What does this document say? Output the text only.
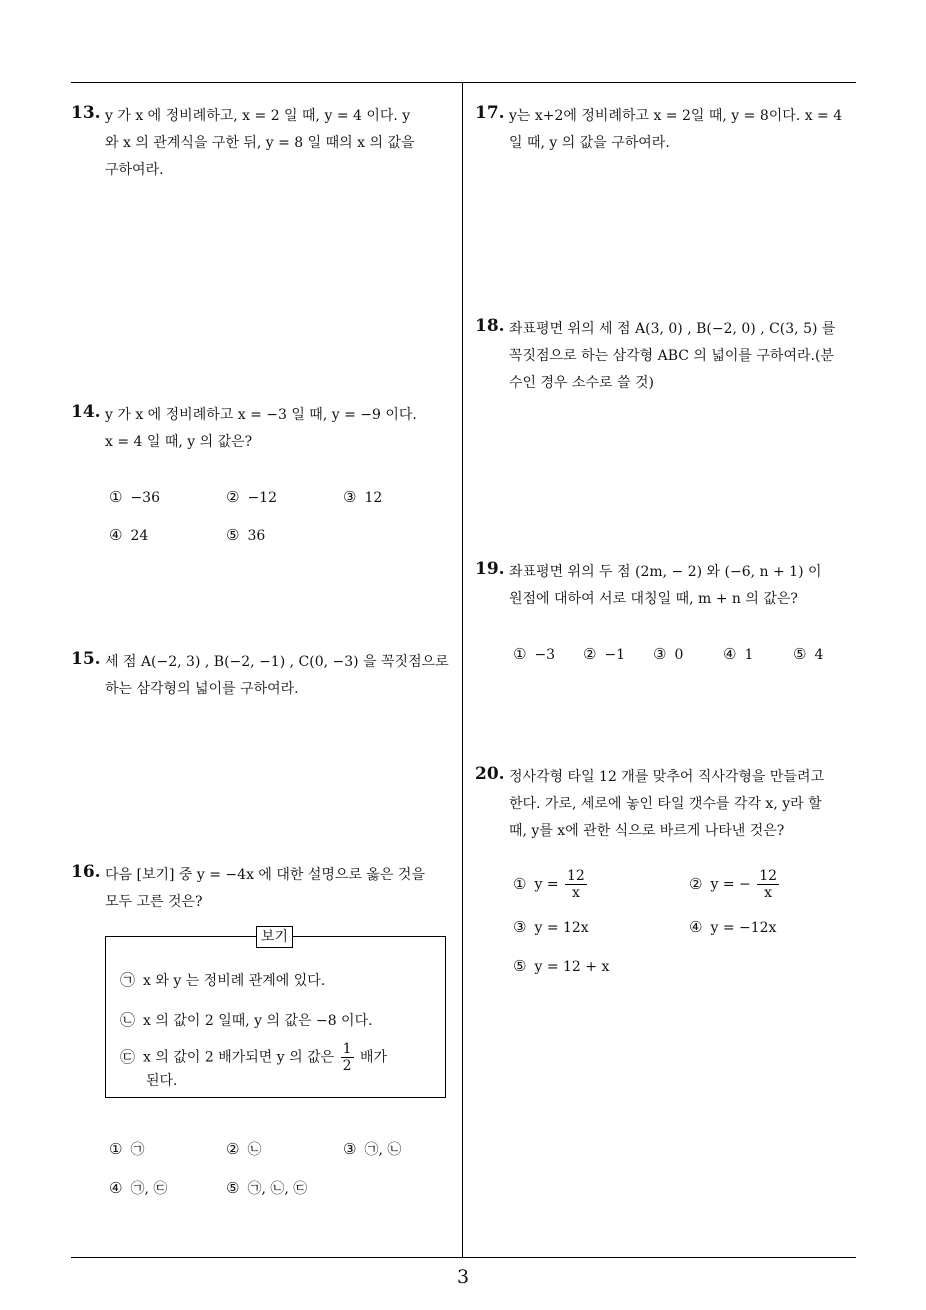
13. y 가 x 에 정비례하고, x = 2 일 때, y = 4 이다. y
와 x 의 관계식을 구한 뒤, y = 8 일 때의 x 의 값을
구하여라.
14. y 가 x 에 정비례하고 x = −3 일 때, y = −9 이다.
x = 4 일 때, y 의 값은?
① −36	② −12	③ 12
④ 24	⑤ 36
15. 세 점 A(−2, 3) , B(−2, −1) , C(0, −3) 을 꼭짓점으로
하는 삼각형의 넓이를 구하여라.
16. 다음 [보기] 중 y = −4x 에 대한 설명으로 옳은 것을
모두 고른 것은?
보기
㉠ x 와 y 는 정비례 관계에 있다.
㉡ x 의 값이 2 일때, y 의 값은 −8 이다.
㉢ x 의 값이 2 배가되면 y 의 값은 $\frac{1}{2}$ 배가
된다.
① ㉠	② ㉡	③ ㉠, ㉡
④ ㉠, ㉢	⑤ ㉠, ㉡, ㉢
17. y는 x+2에 정비례하고 x = 2일 때, y = 8이다. x = 4
일 때, y 의 값을 구하여라.
18. 좌표평면 위의 세 점 A(3, 0) , B(−2, 0) , C(3, 5) 를
꼭짓점으로 하는 삼각형 ABC 의 넓이를 구하여라.(분
수인 경우 소수로 쓸 것)
19. 좌표평면 위의 두 점 (2m, − 2) 와 (−6, n + 1) 이
원점에 대하여 서로 대칭일 때, m + n 의 값은?
① −3 ② −1 ③ 0	④ 1	⑤ 4
20. 정사각형 타일 12 개를 맞추어 직사각형을 만들려고
한다. 가로, 세로에 놓인 타일 갯수를 각각 x, y라 할
때, y를 x에 관한 식으로 바르게 나타낸 것은?
① $y = \frac{12}{x}$	② y = − $\frac{12}{x}$
③ y = 12x	④ y = −12x
⑤ y = 12 + x
3
